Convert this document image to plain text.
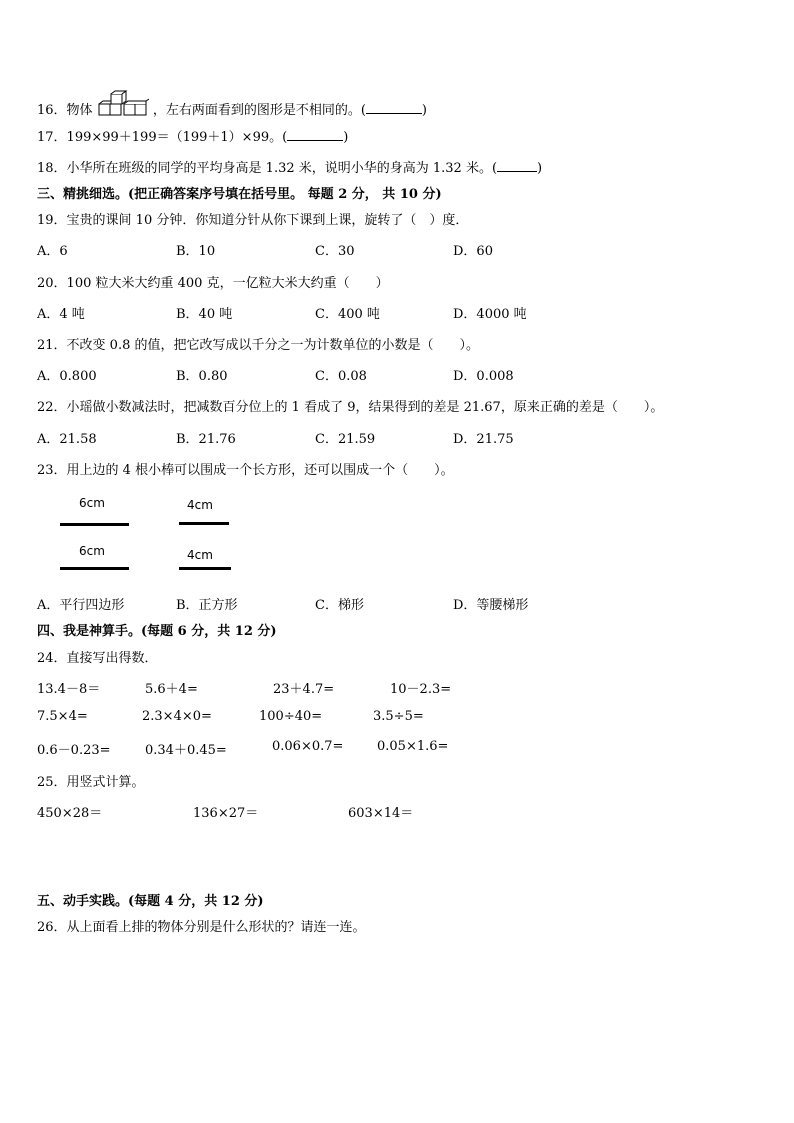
16．物体	，左右两面看到的图形是不相同的。(	)
17．199×99＋199＝（199＋1）×99。(	)
18．小华所在班级的同学的平均身高是 1.32 米，说明小华的身高为 1.32 米。(	)
三、精挑细选。(把正确答案序号填在括号里。 每题 2 分， 共 10 分)
19．宝贵的课间 10 分钟．你知道分针从你下课到上课，旋转了（　）度．
A．6	B．10	C．30	D．60
20．100 粒大米大约重 400 克，一亿粒大米大约重（　　）
A．4 吨	B．40 吨	C．400 吨	D．4000 吨
21．不改变 0.8 的值，把它改写成以千分之一为计数单位的小数是（　　）。
A．0.800	B．0.80	C．0.08	D．0.008
22．小瑶做小数减法时，把减数百分位上的 1 看成了 9，结果得到的差是 21.67，原来正确的差是（　　）。
A．21.58	B．21.76	C．21.59	D．21.75
23．用上边的 4 根小棒可以围成一个长方形，还可以围成一个（　　）。
6cm	4cm
6cm	4cm
A．平行四边形	B．正方形	C．梯形	D．等腰梯形
四、我是神算手。(每题 6 分，共 12 分)
24．直接写出得数．
13.4－8＝	5.6＋4=	23＋4.7=	10－2.3=
7.5×4=	2.3×4×0=	100÷40=	3.5÷5=
0.6－0.23=	0.34＋0.45=	0.06×0.7=	0.05×1.6=
25．用竖式计算。
450×28＝	136×27＝	603×14＝
五、动手实践。(每题 4 分，共 12 分)
26．从上面看上排的物体分别是什么形状的？请连一连。
